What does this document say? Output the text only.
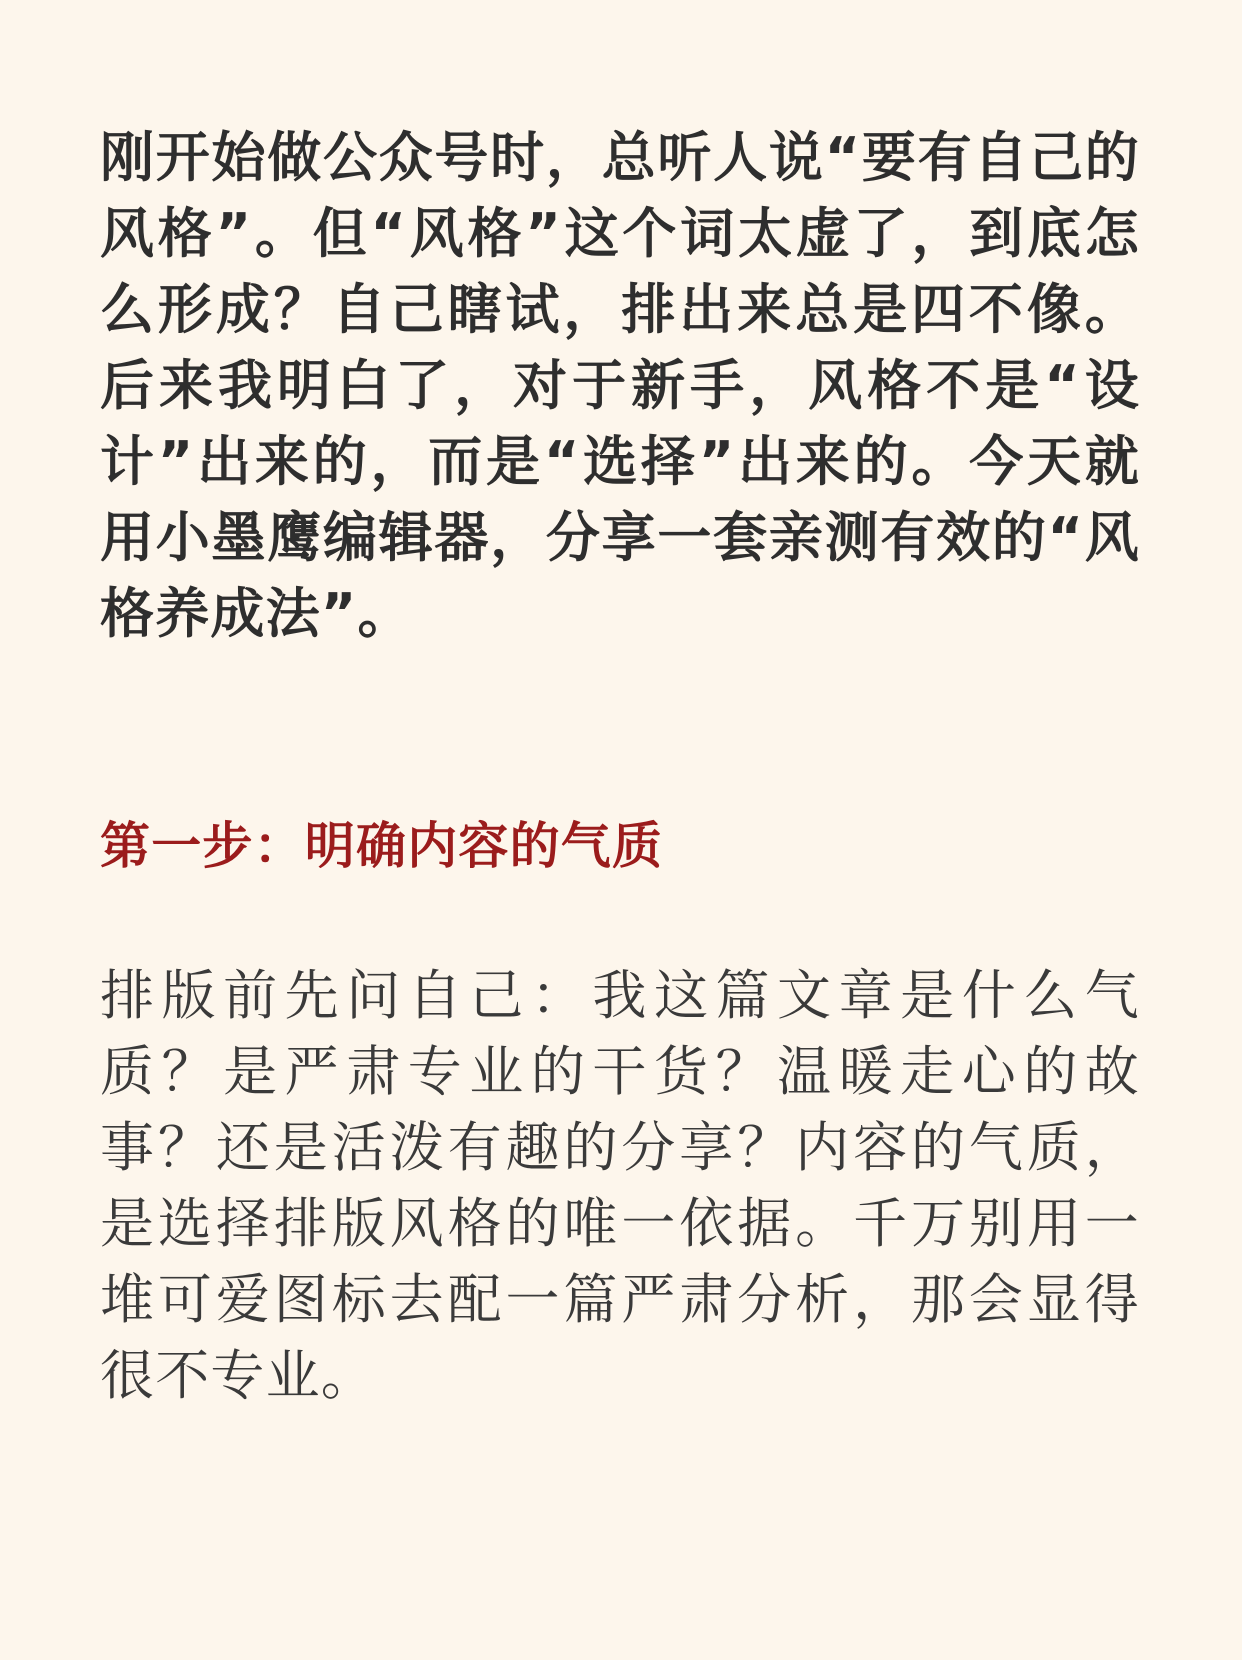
刚开始做公众号时，总听人说“要有自己的风格”。但“风格”这个词太虚了，到底怎么形成？自己瞎试，排出来总是四不像。后来我明白了，对于新手，风格不是“设计”出来的，而是“选择”出来的。今天就用小墨鹰编辑器，分享一套亲测有效的“风格养成法”。

第一步：明确内容的气质

排版前先问自己：我这篇文章是什么气质？是严肃专业的干货？温暖走心的故事？还是活泼有趣的分享？内容的气质，是选择排版风格的唯一依据。千万别用一堆可爱图标去配一篇严肃分析，那会显得很不专业。
